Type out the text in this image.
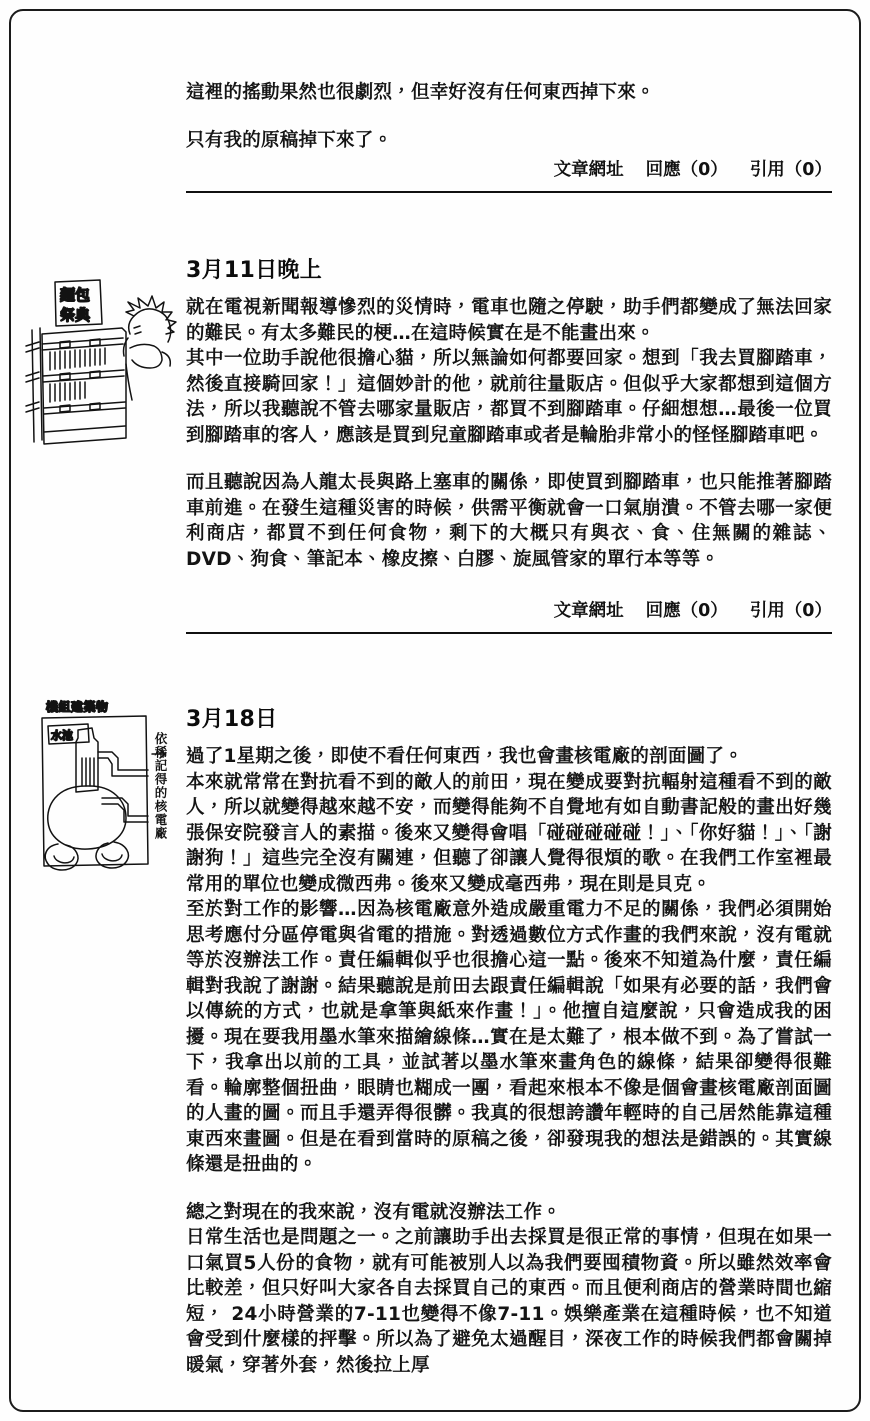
這裡的搖動果然也很劇烈，但幸好沒有任何東西掉下來。

只有我的原稿掉下來了。

文章網址 回應（0） 引用（0）
麵包
祭典
3月11日晚上

就在電視新聞報導慘烈的災情時，電車也隨之停駛，助手們都變成了無法回家的難民。有太多難民的梗…在這時候實在是不能畫出來。

其中一位助手說他很擔心貓，所以無論如何都要回家。想到「我去買腳踏車，然後直接騎回家！」這個妙計的他，就前往量販店。但似乎大家都想到這個方法，所以我聽說不管去哪家量販店，都買不到腳踏車。仔細想想…最後一位買到腳踏車的客人，應該是買到兒童腳踏車或者是輪胎非常小的怪怪腳踏車吧。

而且聽說因為人龍太長與路上塞車的關係，即使買到腳踏車，也只能推著腳踏車前進。在發生這種災害的時候，供需平衡就會一口氣崩潰。不管去哪一家便利商店，都買不到任何食物，剩下的大概只有與衣、食、住無關的雜誌、DVD、狗食、筆記本、橡皮擦、白膠、旋風管家的單行本等等。

文章網址 回應（0） 引用（0）
機組建築物
水池	依稀記得的核電廠
3月18日

過了1星期之後，即使不看任何東西，我也會畫核電廠的剖面圖了。

本來就常常在對抗看不到的敵人的前田，現在變成要對抗輻射這種看不到的敵人，所以就變得越來越不安，而變得能夠不自覺地有如自動書記般的畫出好幾張保安院發言人的素描。後來又變得會唱「碰碰碰碰碰！」、「你好貓！」、「謝謝狗！」這些完全沒有關連，但聽了卻讓人覺得很煩的歌。在我們工作室裡最常用的單位也變成微西弗。後來又變成毫西弗，現在則是貝克。

至於對工作的影響…因為核電廠意外造成嚴重電力不足的關係，我們必須開始思考應付分區停電與省電的措施。對透過數位方式作畫的我們來說，沒有電就等於沒辦法工作。責任編輯似乎也很擔心這一點。後來不知道為什麼，責任編輯對我說了謝謝。結果聽說是前田去跟責任編輯說「如果有必要的話，我們會以傳統的方式，也就是拿筆與紙來作畫！」。他擅自這麼說，只會造成我的困擾。現在要我用墨水筆來描繪線條…實在是太難了，根本做不到。為了嘗試一下，我拿出以前的工具，並試著以墨水筆來畫角色的線條，結果卻變得很難看。輪廓整個扭曲，眼睛也糊成一團，看起來根本不像是個會畫核電廠剖面圖的人畫的圖。而且手還弄得很髒。我真的很想誇讚年輕時的自己居然能靠這種東西來畫圖。但是在看到當時的原稿之後，卻發現我的想法是錯誤的。其實線條還是扭曲的。

總之對現在的我來說，沒有電就沒辦法工作。

日常生活也是問題之一。之前讓助手出去採買是很正常的事情，但現在如果一口氣買5人份的食物，就有可能被別人以為我們要囤積物資。所以雖然效率會比較差，但只好叫大家各自去採買自己的東西。而且便利商店的營業時間也縮短， 24小時營業的7-11也變得不像7-11。娛樂產業在這種時候，也不知道會受到什麼樣的抨擊。所以為了避免太過醒目，深夜工作的時候我們都會關掉暖氣，穿著外套，然後拉上厚
